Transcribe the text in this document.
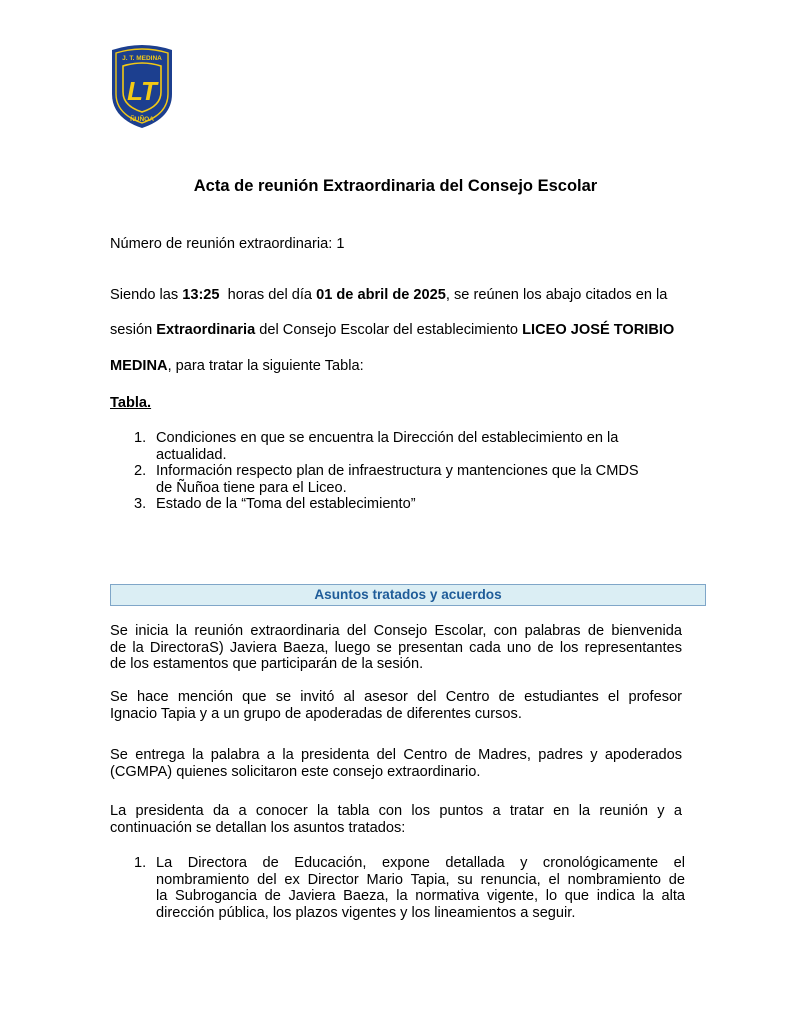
J. T. MEDINA
ÑUÑOA
LT
Acta de reunión Extraordinaria del Consejo Escolar

Número de reunión extraordinaria: 1

Siendo las 13:25  horas del día 01 de abril de 2025, se reúnen los abajo citados en la

sesión Extraordinaria del Consejo Escolar del establecimiento LICEO JOSÉ TORIBIO

MEDINA, para tratar la siguiente Tabla:

Tabla.

1. Condiciones en que se encuentra la Dirección del establecimiento en la
actualidad.
2. Información respecto plan de infraestructura y mantenciones que la CMDS
de Ñuñoa tiene para el Liceo.
3. Estado de la “Toma del establecimiento”
Asuntos tratados y acuerdos
Se inicia la reunión extraordinaria del Consejo Escolar, con palabras de bienvenida
de la DirectoraS) Javiera Baeza, luego se presentan cada uno de los representantes
de los estamentos que participarán de la sesión.
Se hace mención que se invitó al asesor del Centro de estudiantes el profesor
Ignacio Tapia y a un grupo de apoderadas de diferentes cursos.
Se entrega la palabra a la presidenta del Centro de Madres, padres y apoderados
(CGMPA) quienes solicitaron este consejo extraordinario.
La presidenta da a conocer la tabla con los puntos a tratar en la reunión y a
continuación se detallan los asuntos tratados:
1. La Directora de Educación, expone detallada y cronológicamente el
nombramiento del ex Director Mario Tapia, su renuncia, el nombramiento de
la Subrogancia de Javiera Baeza, la normativa vigente, lo que indica la alta
dirección pública, los plazos vigentes y los lineamientos a seguir.
